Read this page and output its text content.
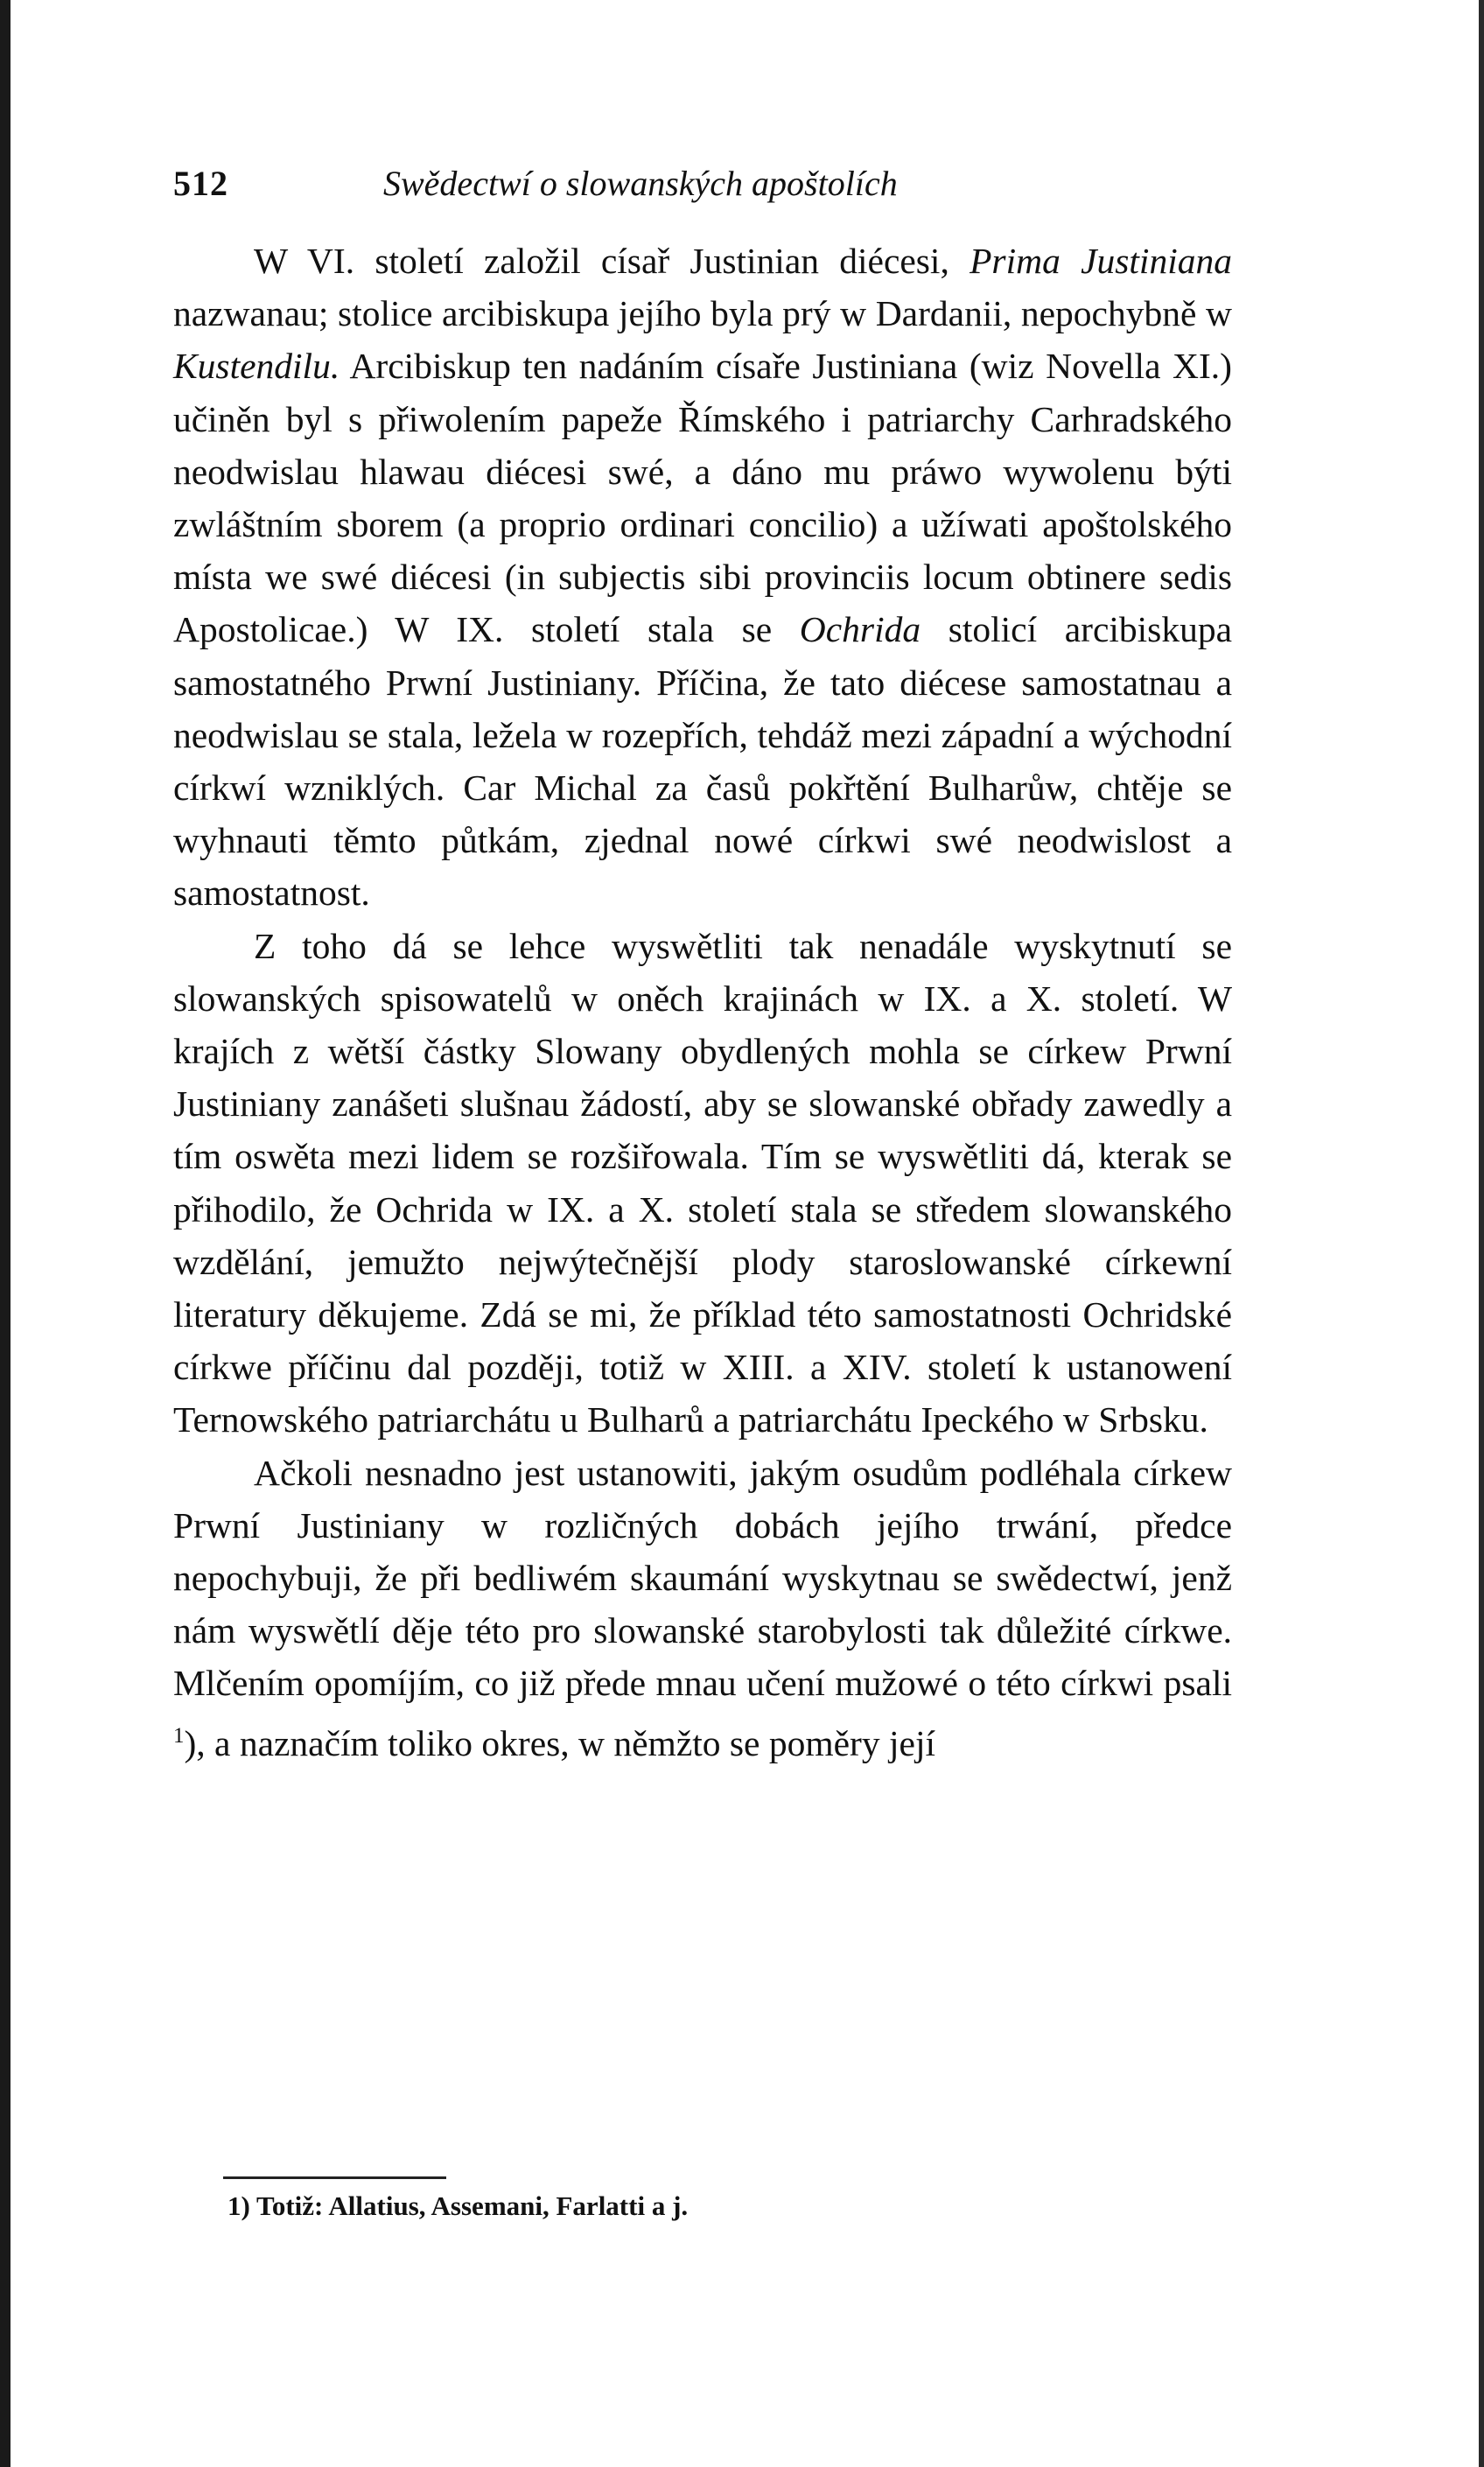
512	Swědectwí o slowanských apoštolích

W VI. století založil císař Justinian diécesi, Prima Justiniana nazwanau; stolice arcibiskupa jejího byla prý w Dardanii, nepochybně w Kustendilu. Arcibiskup ten nadáním císaře Justiniana (wiz Novella XI.) učiněn byl s přiwolením papeže Římského i patriarchy Carhradského neodwislau hlawau diécesi swé, a dáno mu práwo wywolenu býti zwláštním sborem (a proprio ordinari concilio) a užíwati apoštolského místa we swé diécesi (in subjectis sibi provinciis locum obtinere sedis Apostolicae.) W IX. století stala se Ochrida stolicí arcibiskupa samostatného Prwní Justiniany. Příčina, že tato diécese samostatnau a neodwislau se stala, ležela w rozepřích, tehdáž mezi západní a wýchodní církwí wzniklých. Car Michal za časů pokřtění Bulharůw, chtěje se wyhnauti těmto půtkám, zjednal nowé církwi swé neodwislost a samostatnost.

Z toho dá se lehce wyswětliti tak nenadále wyskytnutí se slowanských spisowatelů w oněch krajinách w IX. a X. století. W krajích z wětší částky Slowany obydlených mohla se církew Prwní Justiniany zanášeti slušnau žádostí, aby se slowanské obřady zawedly a tím oswěta mezi lidem se rozšiřowala. Tím se wyswětliti dá, kterak se přihodilo, že Ochrida w IX. a X. století stala se středem slowanského wzdělání, jemužto nejwýtečnější plody staroslowanské církewní literatury děkujeme. Zdá se mi, že příklad této samostatnosti Ochridské církwe příčinu dal později, totiž w XIII. a XIV. století k ustanowení Ternowského patriarchátu u Bulharů a patriarchátu Ipeckého w Srbsku.

Ačkoli nesnadno jest ustanowiti, jakým osudům podléhala církew Prwní Justiniany w rozličných dobách jejího trwání, předce nepochybuji, že při bedliwém skaumání wyskytnau se swědectwí, jenž nám wyswětlí děje této pro slowanské starobylosti tak důležité církwe. Mlčením opomíjím, co již přede mnau učení mužowé o této církwi psali $^1$), a naznačím toliko okres, w němžto se poměry její

1) Totiž: Allatius, Assemani, Farlatti a j.
